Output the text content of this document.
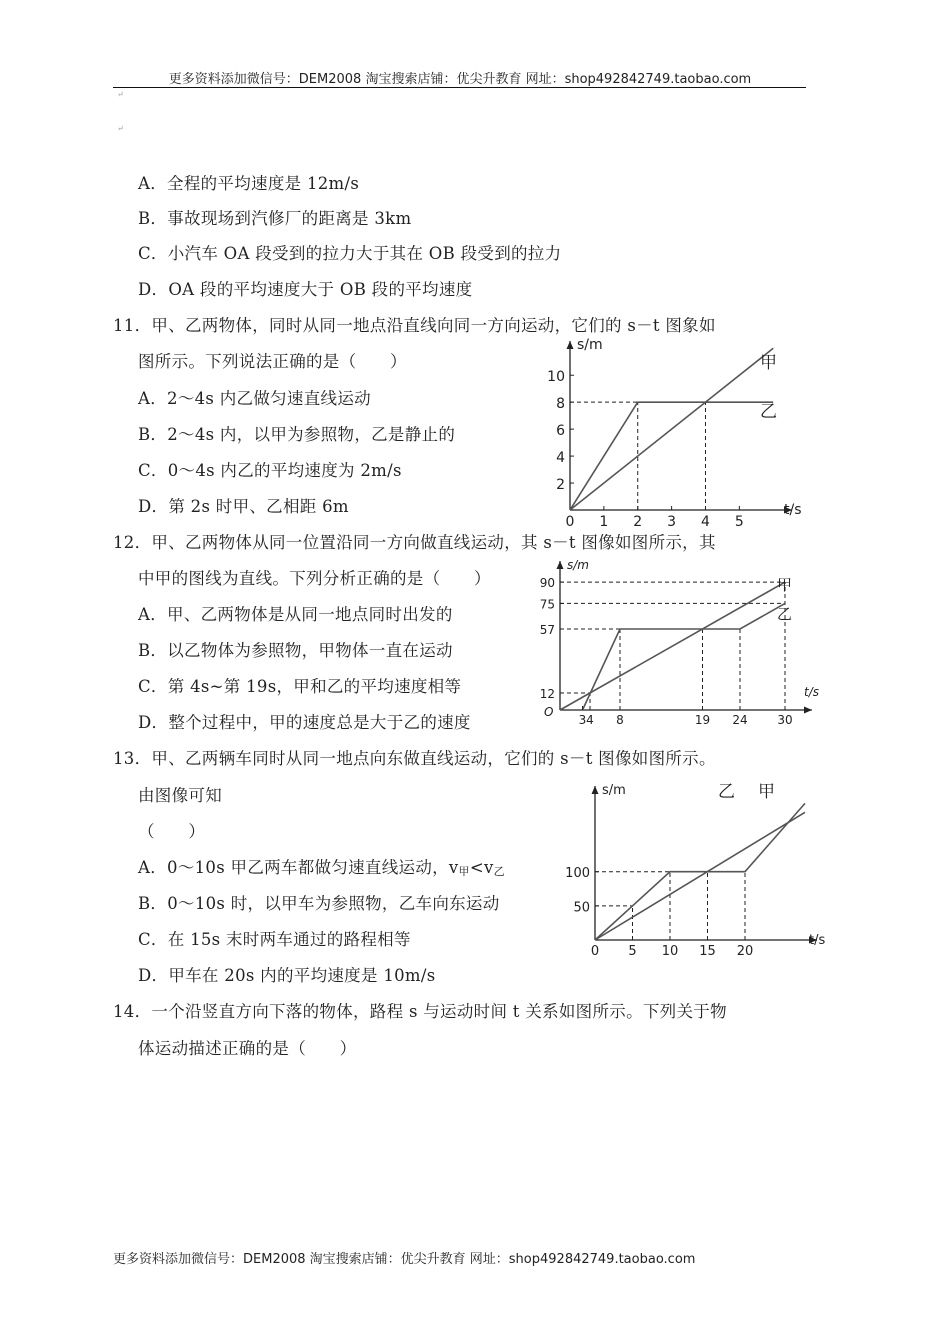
更多资料添加微信号：DEM2008 淘宝搜索店铺：优尖升教育 网址：shop492842749.taobao.com
↵
↵
A．全程的平均速度是 12m/s
B．事故现场到汽修厂的距离是 3km
C．小汽车 OA 段受到的拉力大于其在 OB 段受到的拉力
D．OA 段的平均速度大于 OB 段的平均速度
11．甲、乙两物体，同时从同一地点沿直线向同一方向运动，它们的 s－t 图象如
图所示。下列说法正确的是（　　）
A．2～4s 内乙做匀速直线运动
B．2～4s 内，以甲为参照物，乙是静止的
C．0～4s 内乙的平均速度为 2m/s
D．第 2s 时甲、乙相距 6m
12．甲、乙两物体从同一位置沿同一方向做直线运动，其 s－t 图像如图所示，其
中甲的图线为直线。下列分析正确的是（　　）
A．甲、乙两物体是从同一地点同时出发的
B．以乙物体为参照物，甲物体一直在运动
C．第 4s~第 19s，甲和乙的平均速度相等
D．整个过程中，甲的速度总是大于乙的速度
13．甲、乙两辆车同时从同一地点向东做直线运动，它们的 s－t 图像如图所示。
由图像可知
（　　）
A．0～10s 甲乙两车都做匀速直线运动，v甲<v乙
B．0～10s 时，以甲车为参照物，乙车向东运动
C．在 15s 末时两车通过的路程相等
D．甲车在 20s 内的平均速度是 10m/s
14．一个沿竖直方向下落的物体，路程 s 与运动时间 t 关系如图所示。下列关于物
体运动描述正确的是（　　）
更多资料添加微信号：DEM2008 淘宝搜索店铺：优尖升教育 网址：shop492842749.taobao.com
s/m
t/s
甲
乙
0 1 2 3 4 5
2
4
6
8
10
s/m
t/s
O
甲
乙
3 4 8	19 24 30
12
57
75
90
s/m
t/s
甲
乙
0 5 10 15 20
50
100
